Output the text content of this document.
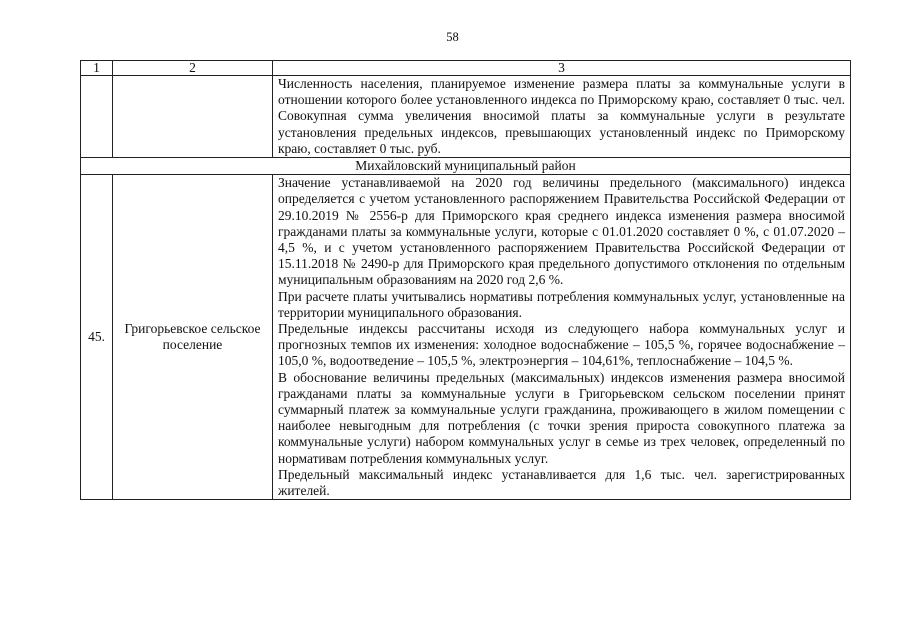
58
1	2	3

		Численность населения, планируемое изменение размера платы за коммунальные услуги в отношении которого более установленного индекса по Приморскому краю, составляет 0 тыс. чел. Совокупная сумма увеличения вносимой платы за коммунальные услуги в результате установления предельных индексов, превышающих установленный индекс по Приморскому краю, составляет 0 тыс. руб.

Михайловский муниципальный район		
45.	Григорьевское сельское поселение	Значение устанавливаемой на 2020 год величины предельного (максимального) индекса определяется с учетом установленного распоряжением Правительства Российской Федерации от 29.10.2019 № 2556-р для Приморского края среднего индекса изменения размера вносимой гражданами платы за коммунальные услуги, которые с 01.01.2020 составляет 0 %, с 01.07.2020 – 4,5 %, и с учетом установленного распоряжением Правительства Российской Федерации от 15.11.2018 № 2490-р для Приморского края предельного допустимого отклонения по отдельным муниципальным образованиям на 2020 год 2,6 %.

При расчете платы учитывались нормативы потребления коммунальных услуг, установленные на территории муниципального образования.

Предельные индексы рассчитаны исходя из следующего набора коммунальных услуг и прогнозных темпов их изменения: холодное водоснабжение – 105,5 %, горячее водоснабжение – 105,0 %, водоотведение – 105,5 %, электроэнергия – 104,61%, теплоснабжение – 104,5 %.

В обоснование величины предельных (максимальных) индексов изменения размера вносимой гражданами платы за коммунальные услуги в Григорьевском сельском поселении принят суммарный платеж за коммунальные услуги гражданина, проживающего в жилом помещении с наиболее невыгодным для потребления (с точки зрения прироста совокупного платежа за коммунальные услуги) набором коммунальных услуг в семье из трех человек, определенный по нормативам потребления коммунальных услуг.

Предельный максимальный индекс устанавливается для 1,6 тыс. чел. зарегистрированных жителей.
